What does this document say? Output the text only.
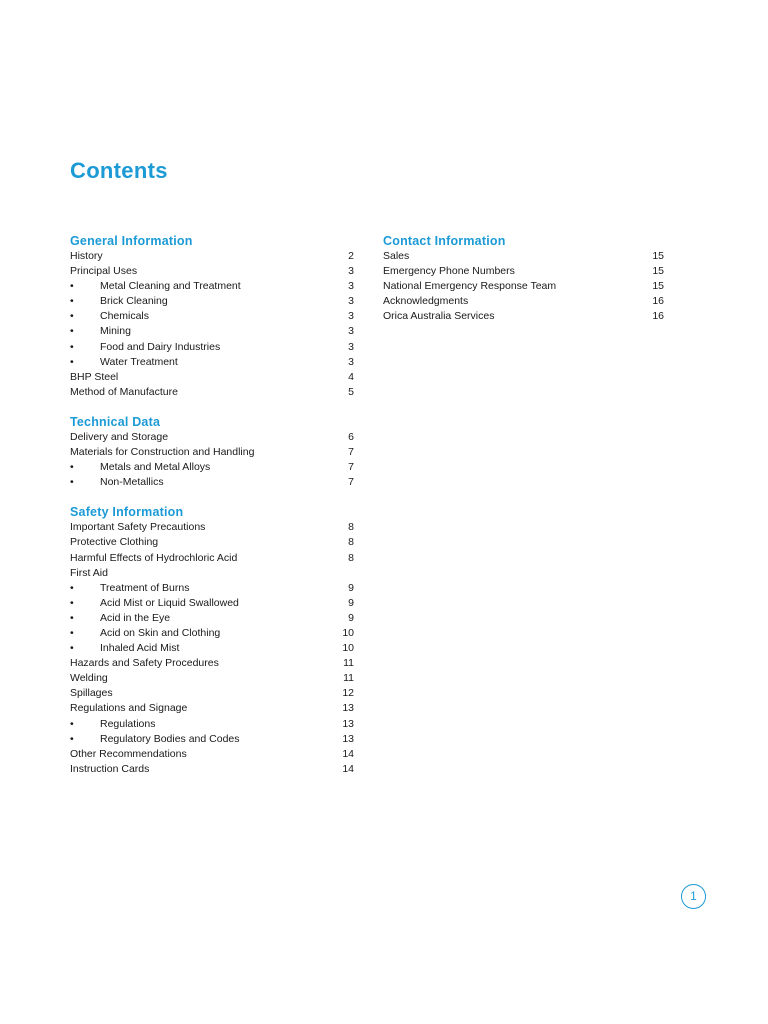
Contents
General Information
History	2
Principal Uses	3
•	Metal Cleaning and Treatment	3
•	Brick Cleaning	3
•	Chemicals	3
•	Mining	3
•	Food and Dairy Industries	3
•	Water Treatment	3
BHP Steel	4
Method of Manufacture	5
Technical Data
Delivery and Storage	6
Materials for Construction and Handling	7
•	Metals and Metal Alloys	7
•	Non-Metallics	7
Safety Information
Important Safety Precautions	8
Protective Clothing	8
Harmful Effects of Hydrochloric Acid	8
First Aid
•	Treatment of Burns	9
•	Acid Mist or Liquid Swallowed	9
•	Acid in the Eye	9
•	Acid on Skin and Clothing	10
•	Inhaled Acid Mist	10
Hazards and Safety Procedures	11
Welding	11
Spillages	12
Regulations and Signage	13
•	Regulations	13
•	Regulatory Bodies and Codes	13
Other Recommendations	14
Instruction Cards	14
Contact Information
Sales	15
Emergency Phone Numbers	15
National Emergency Response Team	15
Acknowledgments	16
Orica Australia Services	16
1
